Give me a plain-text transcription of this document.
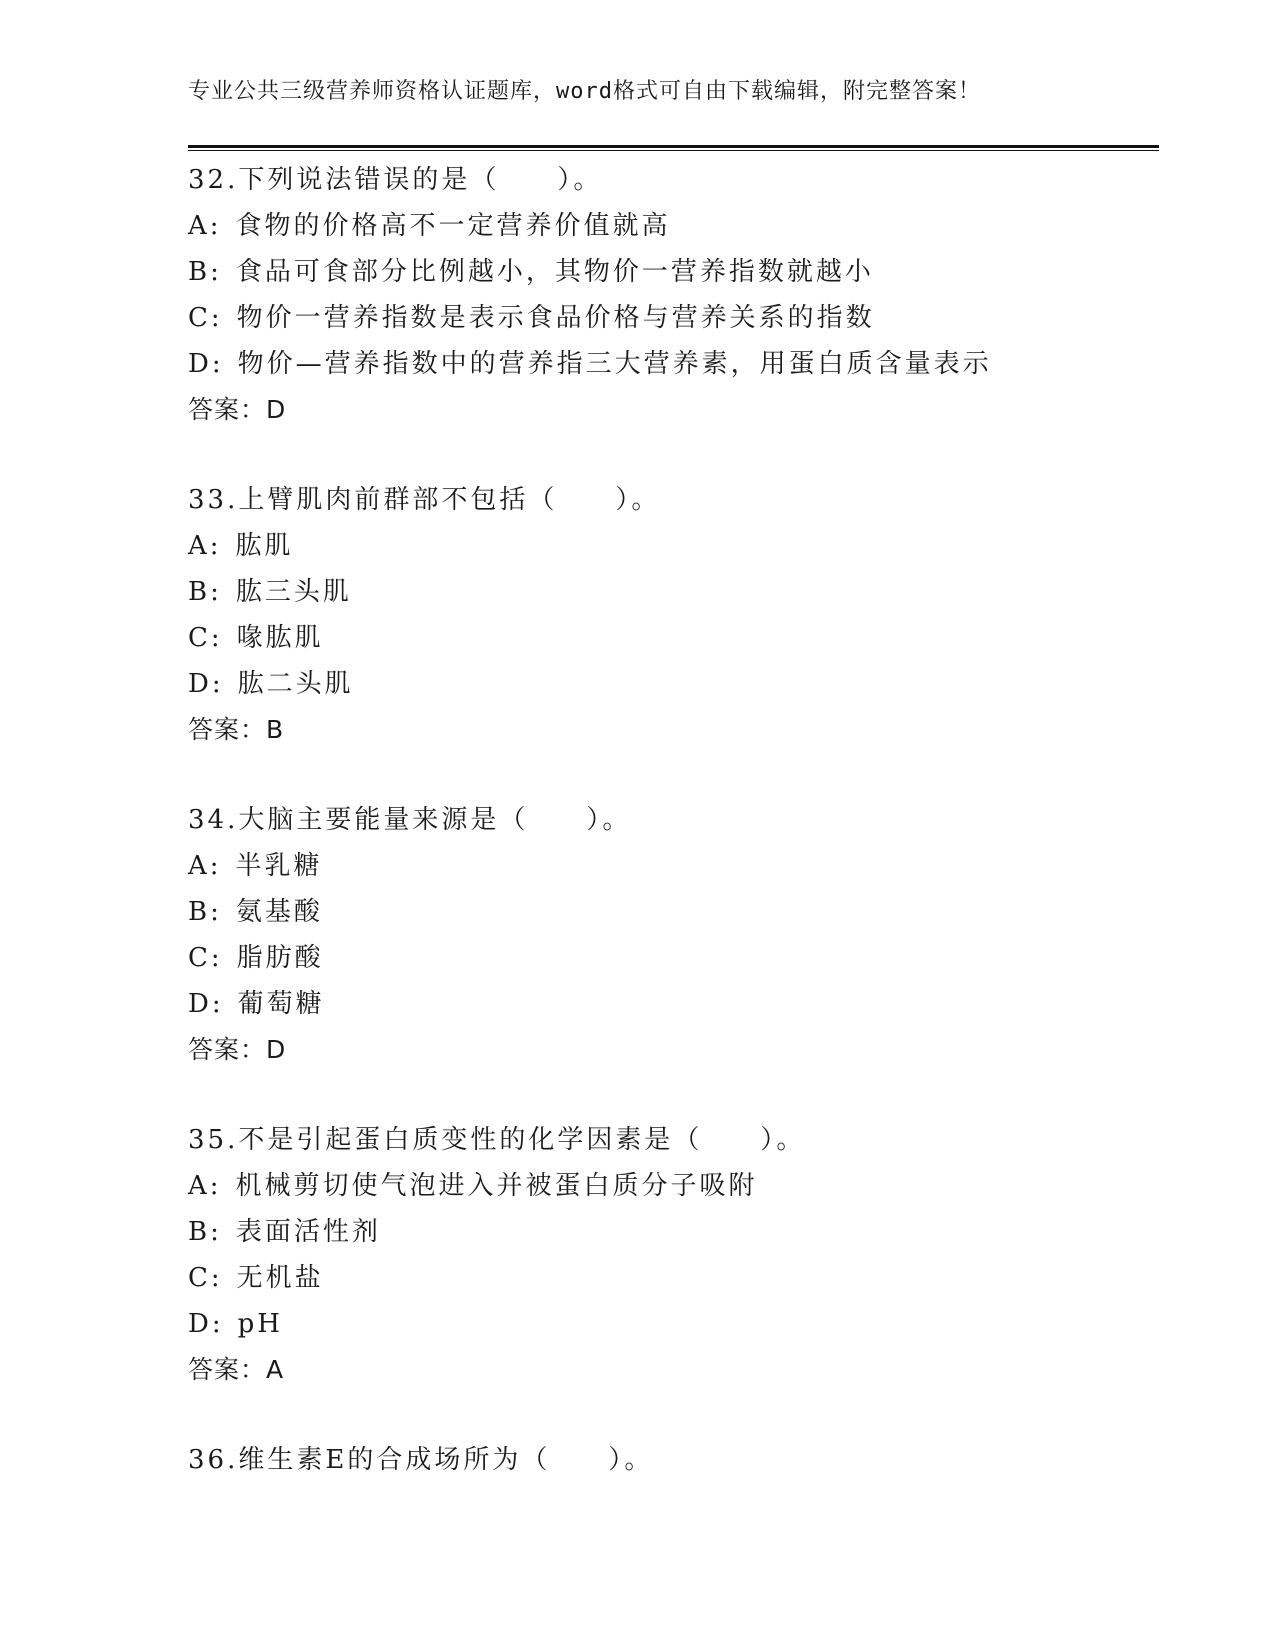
专业公共三级营养师资格认证题库，word格式可自由下载编辑，附完整答案！
32.下列说法错误的是（　　）。
A: 食物的价格高不一定营养价值就高
B: 食品可食部分比例越小，其物价一营养指数就越小
C: 物价一营养指数是表示食品价格与营养关系的指数
D: 物价—营养指数中的营养指三大营养素，用蛋白质含量表示
答案：D
33.上臂肌肉前群部不包括（　　）。
A: 肱肌
B: 肱三头肌
C: 喙肱肌
D: 肱二头肌
答案：B
34.大脑主要能量来源是（　　）。
A: 半乳糖
B: 氨基酸
C: 脂肪酸
D: 葡萄糖
答案：D
35.不是引起蛋白质变性的化学因素是（　　）。
A: 机械剪切使气泡进入并被蛋白质分子吸附
B: 表面活性剂
C: 无机盐
D: pH
答案：A
36.维生素E的合成场所为（　　）。
